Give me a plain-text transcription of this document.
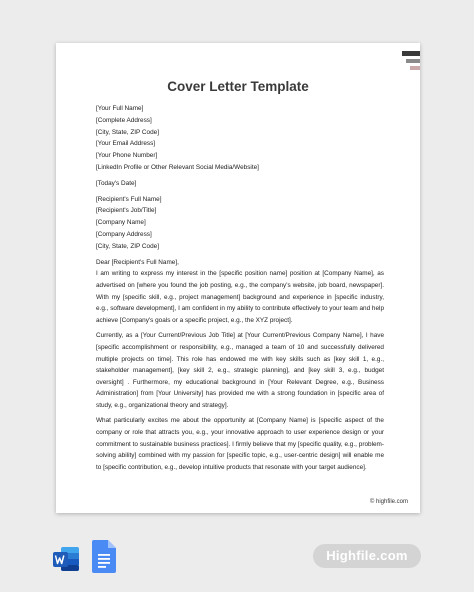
Cover Letter Template
[Your Full Name]
[Complete Address]
[City, State, ZIP Code]
[Your Email Address]
[Your Phone Number]
[LinkedIn Profile or Other Relevant Social Media/Website]
[Today's Date]
[Recipient's Full Name]
[Recipient's Job/Title]
[Company Name]
[Company Address]
[City, State, ZIP Code]
Dear [Recipient's Full Name],
I am writing to express my interest in the [specific position name] position at [Company Name], as advertised on [where you found the job posting, e.g., the company's website, job board, newspaper]. With my [specific skill, e.g., project management] background and experience in [specific industry, e.g., software development], I am confident in my ability to contribute effectively to your team and help achieve [Company's goals or a specific project, e.g., the XYZ project].
Currently, as a [Your Current/Previous Job Title] at [Your Current/Previous Company Name], I have [specific accomplishment or responsibility, e.g., managed a team of 10 and successfully delivered multiple projects on time]. This role has endowed me with key skills such as [key skill 1, e.g., stakeholder management], [key skill 2, e.g., strategic planning], and [key skill 3, e.g., budget oversight] . Furthermore, my educational background in [Your Relevant Degree, e.g., Business Administration] from [Your University] has provided me with a strong foundation in [specific area of study, e.g., organizational theory and strategy].
What particularly excites me about the opportunity at [Company Name] is [specific aspect of the company or role that attracts you, e.g., your innovative approach to user experience design or your commitment to sustainable business practices]. I firmly believe that my [specific quality, e.g., problem-solving ability] combined with my passion for [specific topic, e.g., user-centric design] will enable me to [specific contribution, e.g., develop intuitive products that resonate with your target audience].
© highfile.com
Highfile.com
